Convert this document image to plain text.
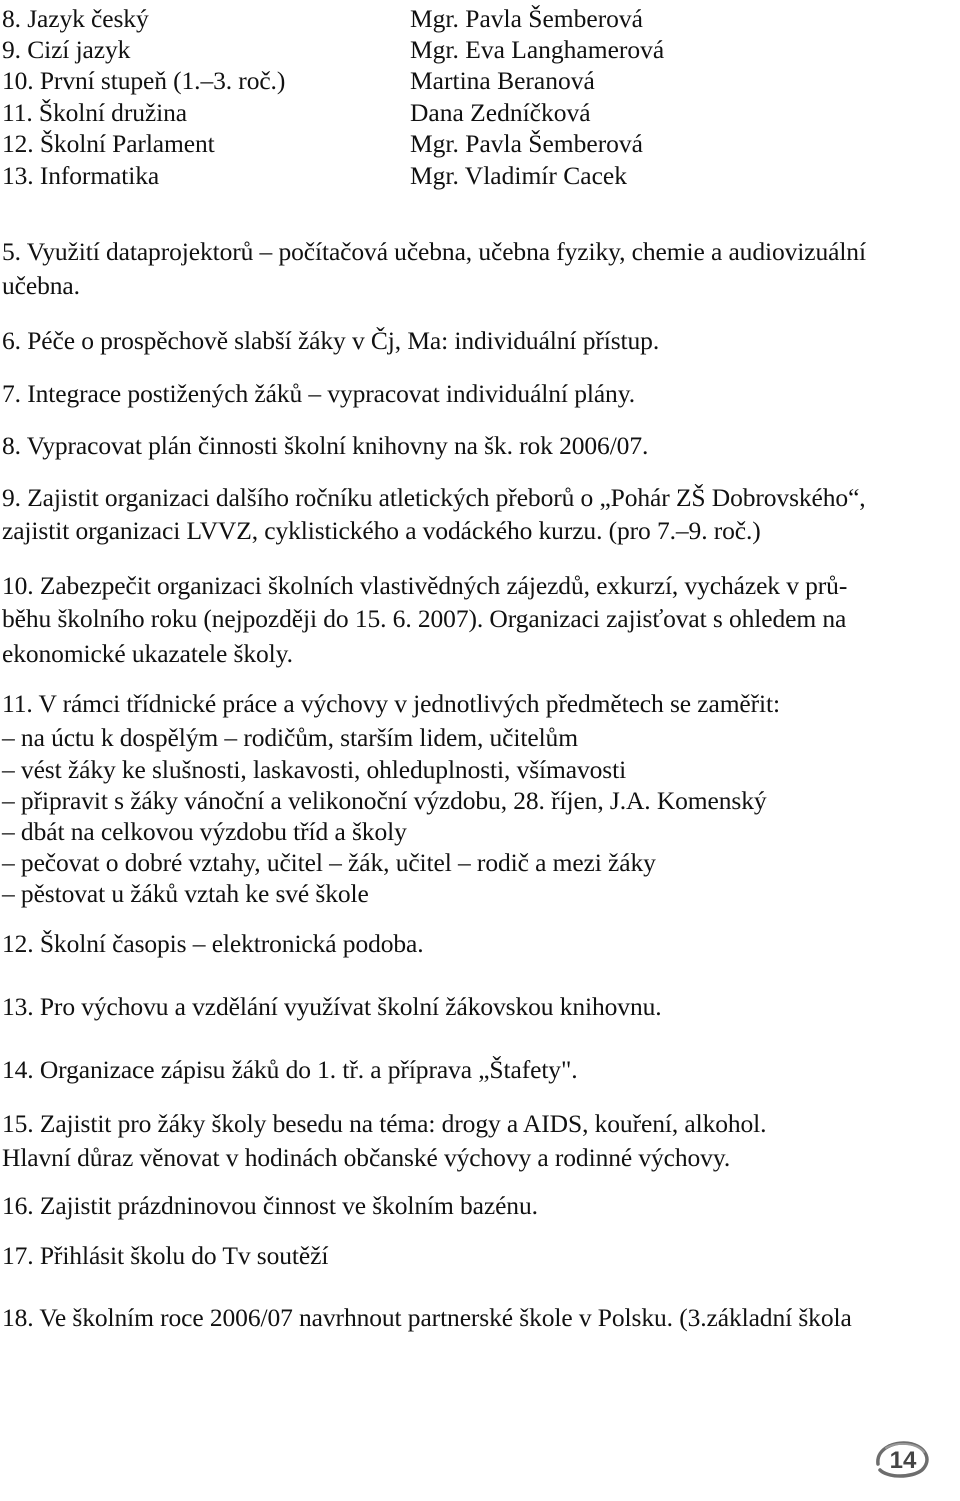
8. Jazyk český	Mgr. Pavla Šemberová
9. Cizí jazyk	Mgr. Eva Langhamerová
10. První stupeň (1.–3. roč.)	Martina Beranová
11. Školní družina	Dana Zedníčková
12. Školní Parlament	Mgr. Pavla Šemberová
13. Informatika	Mgr. Vladimír Cacek
5. Využití dataprojektorů – počítačová učebna, učebna fyziky, chemie a audiovizuální
učebna.
6. Péče o prospěchově slabší žáky v Čj, Ma: individuální přístup.
7. Integrace postižených žáků – vypracovat individuální plány.
8. Vypracovat plán činnosti školní knihovny na šk. rok 2006/07.
9. Zajistit organizaci dalšího ročníku atletických přeborů o „Pohár ZŠ Dobrovského“,
zajistit organizaci LVVZ, cyklistického a vodáckého kurzu. (pro 7.–9. roč.)
10. Zabezpečit organizaci školních vlastivědných zájezdů, exkurzí, vycházek v prů-
běhu školního roku (nejpozději do 15. 6. 2007). Organizaci zajisťovat s ohledem na
ekonomické ukazatele školy.
11. V rámci třídnické práce a výchovy v jednotlivých předmětech se zaměřit:
– na úctu k dospělým – rodičům, starším lidem, učitelům
– vést žáky ke slušnosti, laskavosti, ohleduplnosti, všímavosti
– připravit s žáky vánoční a velikonoční výzdobu, 28. říjen, J.A. Komenský
– dbát na celkovou výzdobu tříd a školy
– pečovat o dobré vztahy, učitel – žák, učitel – rodič a mezi žáky
– pěstovat u žáků vztah ke své škole
12. Školní časopis – elektronická podoba.
13. Pro výchovu a vzdělání využívat školní žákovskou knihovnu.
14. Organizace zápisu žáků do 1. tř. a příprava „Štafety".
15. Zajistit pro žáky školy besedu na téma: drogy a AIDS, kouření, alkohol.
Hlavní důraz věnovat v hodinách občanské výchovy a rodinné výchovy.
16. Zajistit prázdninovou činnost ve školním bazénu.
17. Přihlásit školu do Tv soutěží
18. Ve školním roce 2006/07 navrhnout partnerské škole v Polsku. (3.základní škola
14
